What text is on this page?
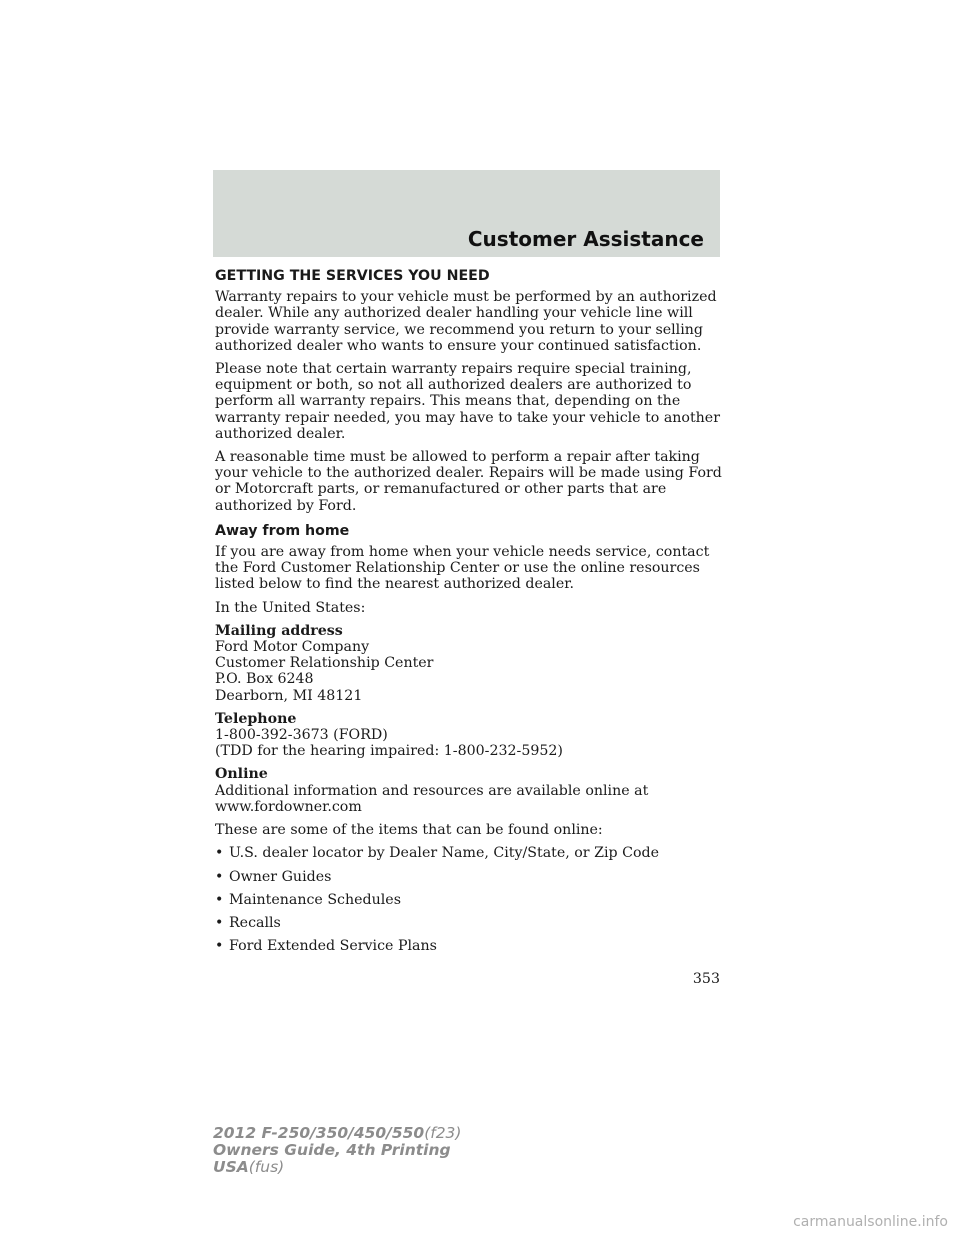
Customer Assistance
GETTING THE SERVICES YOU NEED

Warranty repairs to your vehicle must be performed by an authorized dealer. While any authorized dealer handling your vehicle line will provide warranty service, we recommend you return to your selling authorized dealer who wants to ensure your continued satisfaction.

Please note that certain warranty repairs require special training, equipment or both, so not all authorized dealers are authorized to perform all warranty repairs. This means that, depending on the warranty repair needed, you may have to take your vehicle to another authorized dealer.

A reasonable time must be allowed to perform a repair after taking your vehicle to the authorized dealer. Repairs will be made using Ford or Motorcraft parts, or remanufactured or other parts that are authorized by Ford.

Away from home

If you are away from home when your vehicle needs service, contact the Ford Customer Relationship Center or use the online resources listed below to find the nearest authorized dealer.

In the United States:

Mailing address
Ford Motor Company
Customer Relationship Center
P.O. Box 6248
Dearborn, MI 48121
Telephone
1-800-392-3673 (FORD)
(TDD for the hearing impaired: 1-800-232-5952)
Online
Additional information and resources are available online at
www.fordowner.com

These are some of the items that can be found online:

• U.S. dealer locator by Dealer Name, City/State, or Zip Code
• Owner Guides
• Maintenance Schedules
• Recalls
• Ford Extended Service Plans
353
2012 F-250/350/450/550(f23)
Owners Guide, 4th Printing
USA(fus)
carmanualsonline.info
